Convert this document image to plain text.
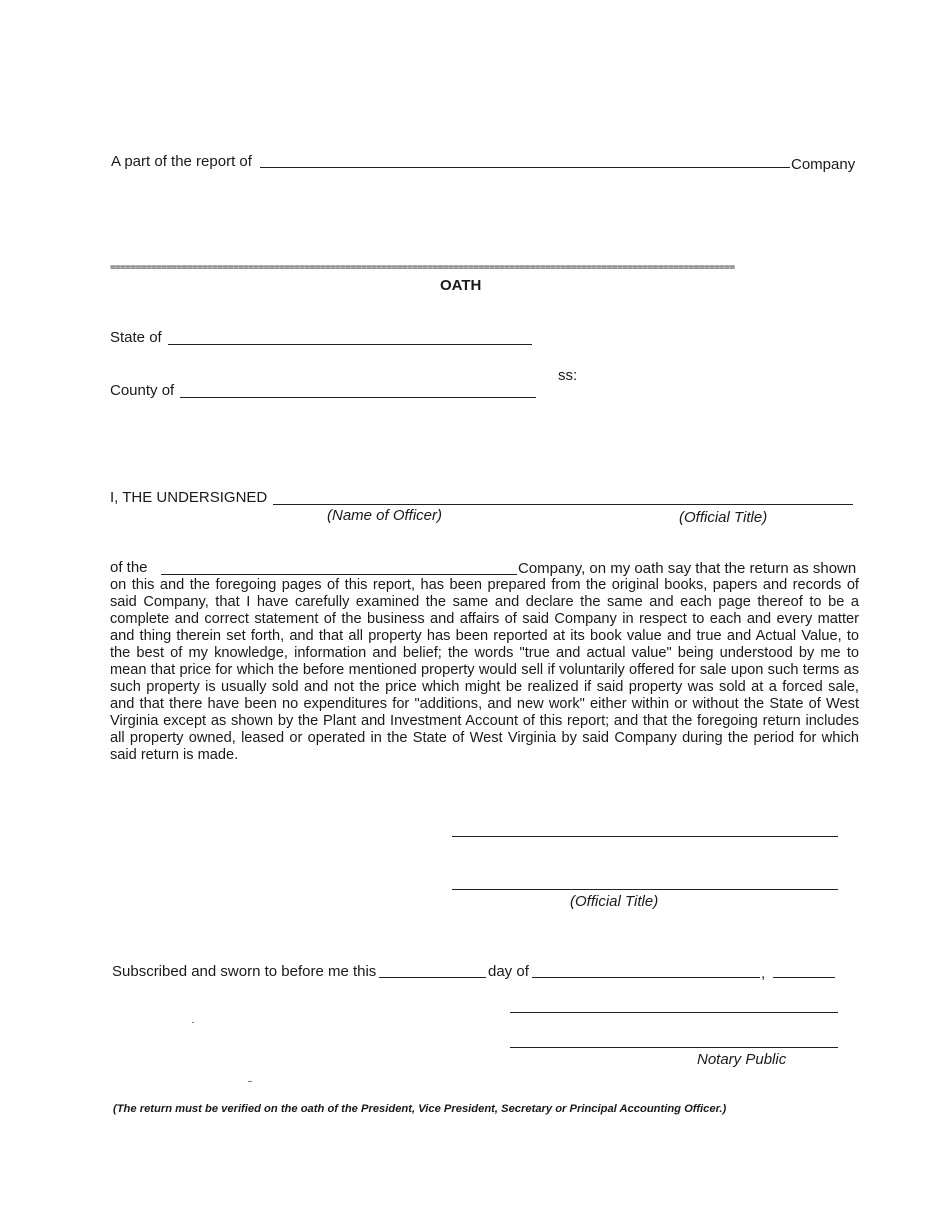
A part of the report of	Company
==========================================================================================================================
OATH
State of
ss:
County of
I, THE UNDERSIGNED
(Name of Officer)	(Official Title)
of the	Company, on my oath say that the return as shown
on this and the foregoing pages of this report, has been prepared from the original books, papers and records of said Company, that I have carefully examined the same and declare the same and each page thereof to be a complete and correct statement of the business and affairs of said Company in respect to each and every matter and thing therein set forth, and that all property has been reported at its book value and true and Actual Value, to the best of my knowledge, information and belief; the words "true and actual value" being understood by me to mean that price for which the before mentioned property would sell if voluntarily offered for sale upon such terms as such property is usually sold and not the price which might be realized if said property was sold at a forced sale, and that there have been no expenditures for "additions, and new work" either within or without the State of West Virginia except as shown by the Plant and Investment Account of this report; and that the foregoing return includes all property owned, leased or operated in the State of West Virginia by said Company during the period for which said return is made.
(Official Title)
Subscribed and sworn to before me this	day of	,
Notary Public
(The return must be verified on the oath of the President, Vice President, Secretary or Principal Accounting Officer.)
